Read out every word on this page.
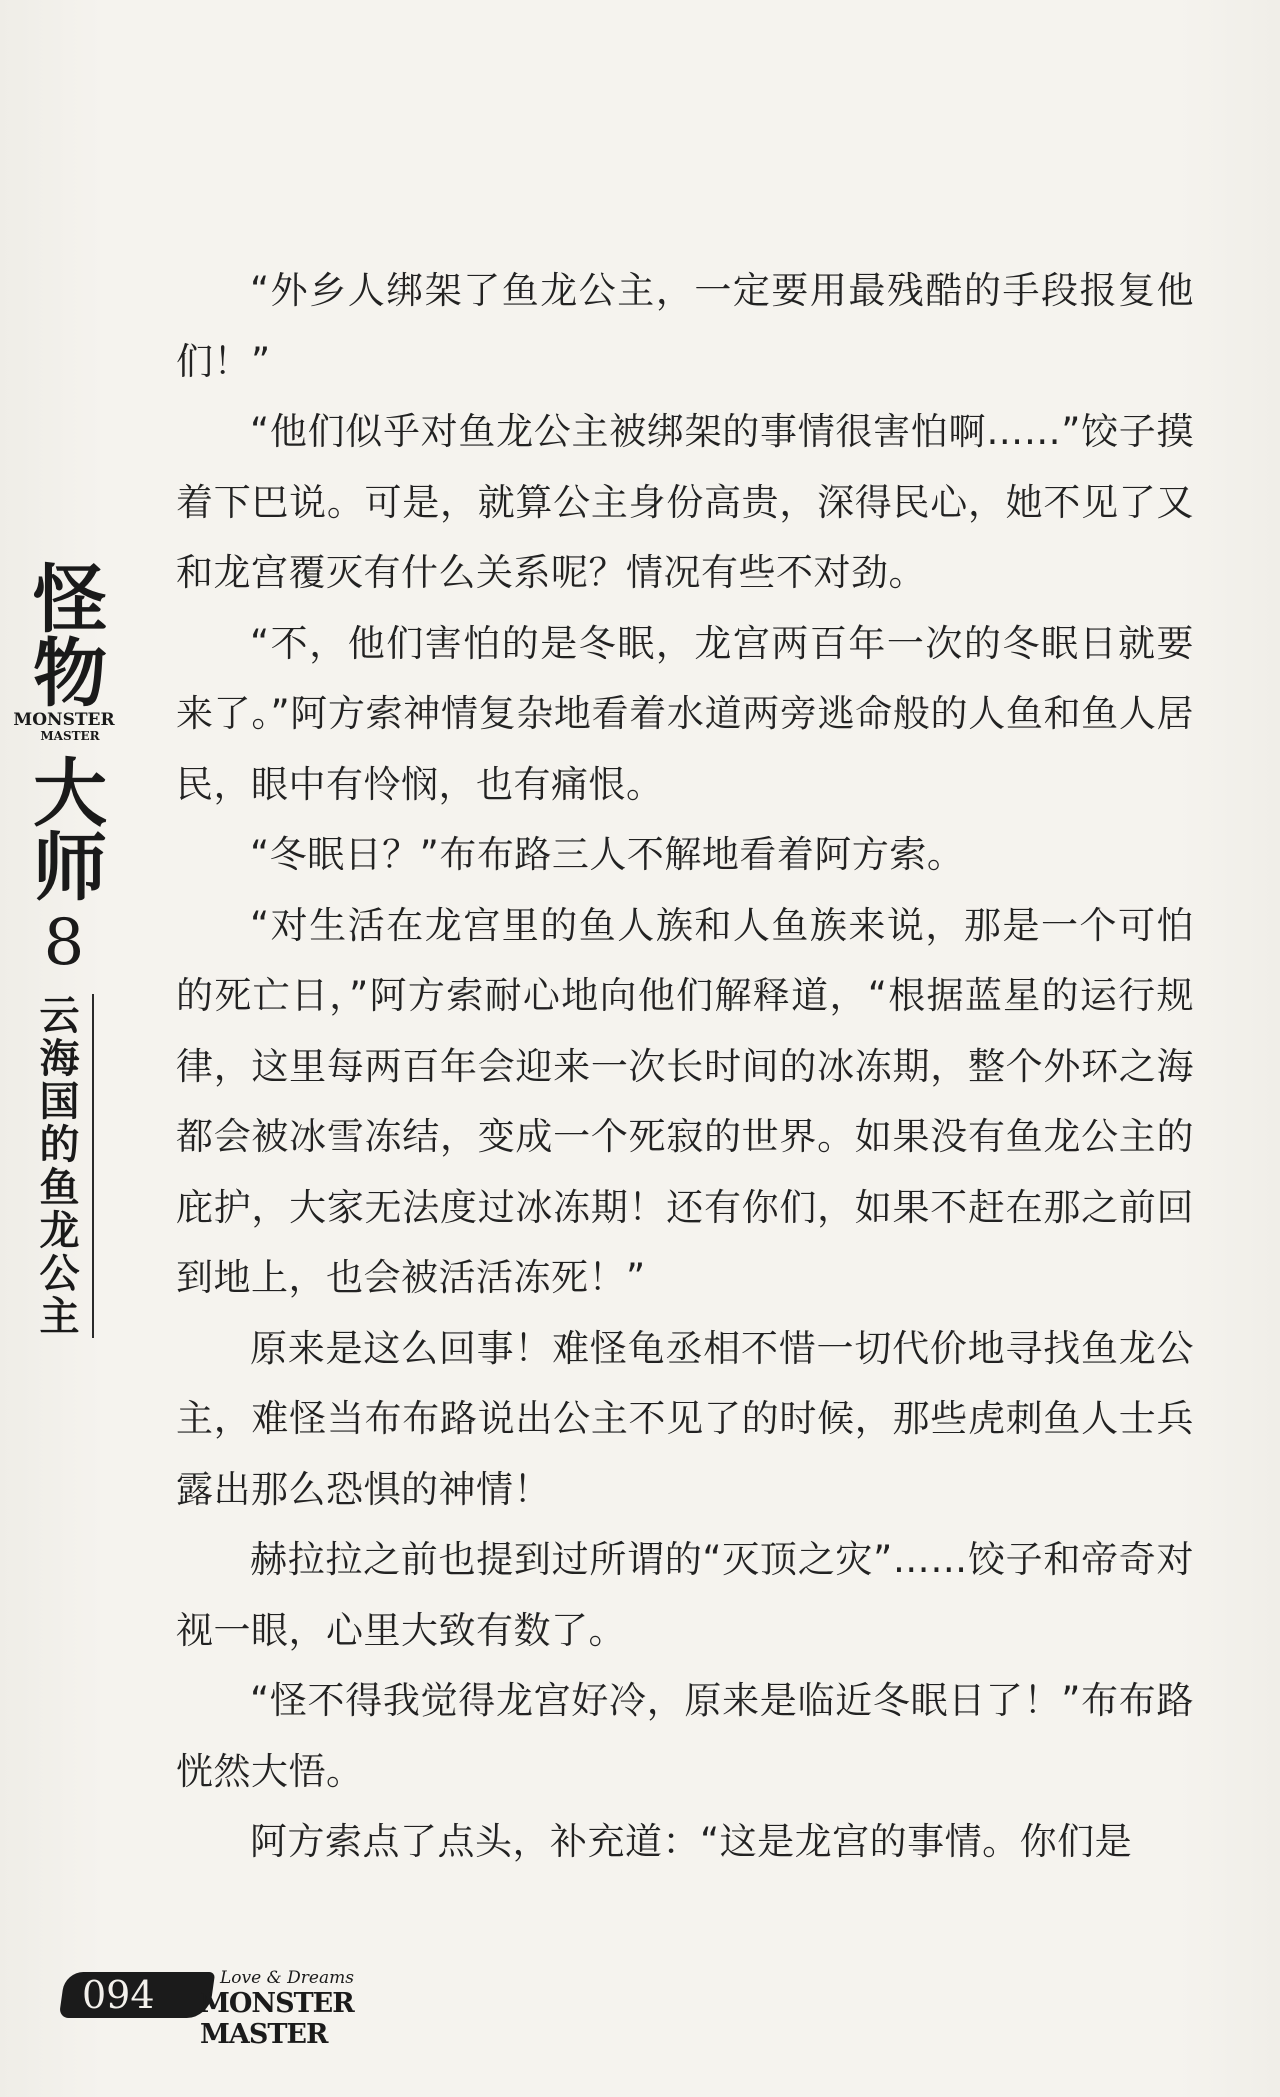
怪物
MONSTER
MASTER
大师
8
云海国的鱼龙公主

“外乡人绑架了鱼龙公主，一定要用最残酷的手段报复他们！”

“他们似乎对鱼龙公主被绑架的事情很害怕啊……”饺子摸着下巴说。可是，就算公主身份高贵，深得民心，她不见了又和龙宫覆灭有什么关系呢？情况有些不对劲。

“不，他们害怕的是冬眠，龙宫两百年一次的冬眠日就要来了。”阿方索神情复杂地看着水道两旁逃命般的人鱼和鱼人居民，眼中有怜悯，也有痛恨。

“冬眠日？”布布路三人不解地看着阿方索。

“对生活在龙宫里的鱼人族和人鱼族来说，那是一个可怕的死亡日，”阿方索耐心地向他们解释道，“根据蓝星的运行规律，这里每两百年会迎来一次长时间的冰冻期，整个外环之海都会被冰雪冻结，变成一个死寂的世界。如果没有鱼龙公主的庇护，大家无法度过冰冻期！还有你们，如果不赶在那之前回到地上，也会被活活冻死！”

原来是这么回事！难怪龟丞相不惜一切代价地寻找鱼龙公主，难怪当布布路说出公主不见了的时候，那些虎刺鱼人士兵露出那么恐惧的神情！

赫拉拉之前也提到过所谓的“灭顶之灾”……饺子和帝奇对视一眼，心里大致有数了。

“怪不得我觉得龙宫好冷，原来是临近冬眠日了！”布布路恍然大悟。

阿方索点了点头，补充道：“这是龙宫的事情。你们是

094	Love & Dreams
MONSTER MASTER
